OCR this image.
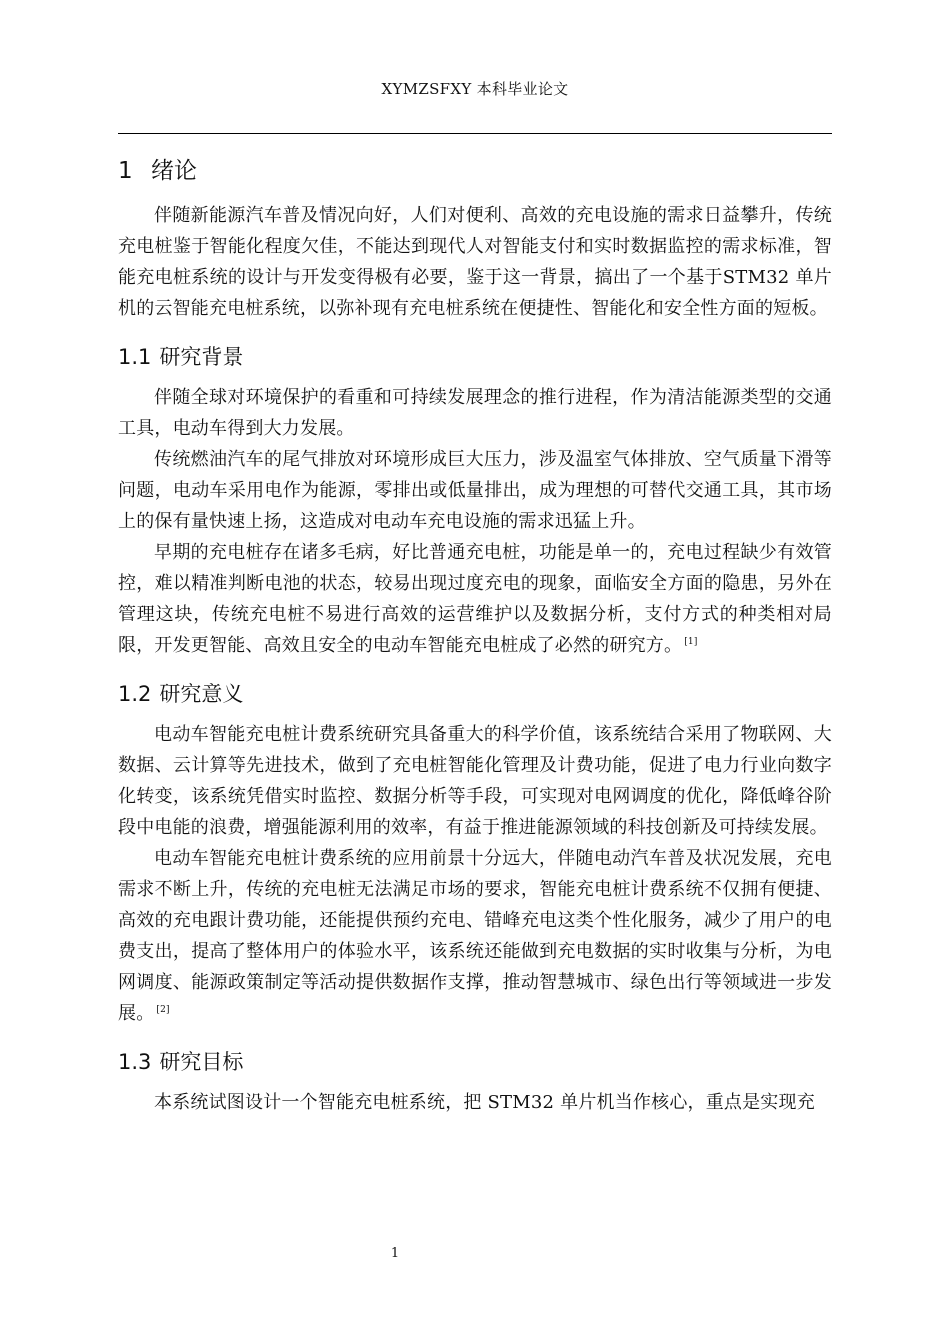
XYMZSFXY 本科毕业论文
1 绪论

伴随新能源汽车普及情况向好，人们对便利、高效的充电设施的需求日益攀升，传统充电桩鉴于智能化程度欠佳，不能达到现代人对智能支付和实时数据监控的需求标准，智能充电桩系统的设计与开发变得极有必要，鉴于这一背景，搞出了一个基于STM32 单片机的云智能充电桩系统，以弥补现有充电桩系统在便捷性、智能化和安全性方面的短板。

1.1 研究背景

伴随全球对环境保护的看重和可持续发展理念的推行进程，作为清洁能源类型的交通工具，电动车得到大力发展。

传统燃油汽车的尾气排放对环境形成巨大压力，涉及温室气体排放、空气质量下滑等问题，电动车采用电作为能源，零排出或低量排出，成为理想的可替代交通工具，其市场上的保有量快速上扬，这造成对电动车充电设施的需求迅猛上升。

早期的充电桩存在诸多毛病，好比普通充电桩，功能是单一的，充电过程缺少有效管控，难以精准判断电池的状态，较易出现过度充电的现象，面临安全方面的隐患，另外在管理这块，传统充电桩不易进行高效的运营维护以及数据分析，支付方式的种类相对局限，开发更智能、高效且安全的电动车智能充电桩成了必然的研究方。 [1]

1.2 研究意义

电动车智能充电桩计费系统研究具备重大的科学价值，该系统结合采用了物联网、大数据、云计算等先进技术，做到了充电桩智能化管理及计费功能，促进了电力行业向数字化转变，该系统凭借实时监控、数据分析等手段，可实现对电网调度的优化，降低峰谷阶段中电能的浪费，增强能源利用的效率，有益于推进能源领域的科技创新及可持续发展。

电动车智能充电桩计费系统的应用前景十分远大，伴随电动汽车普及状况发展，充电需求不断上升，传统的充电桩无法满足市场的要求，智能充电桩计费系统不仅拥有便捷、高效的充电跟计费功能，还能提供预约充电、错峰充电这类个性化服务，减少了用户的电费支出，提高了整体用户的体验水平，该系统还能做到充电数据的实时收集与分析，为电网调度、能源政策制定等活动提供数据作支撑，推动智慧城市、绿色出行等领域进一步发展。 [2]

1.3 研究目标

本系统试图设计一个智能充电桩系统，把 STM32 单片机当作核心，重点是实现充

1
